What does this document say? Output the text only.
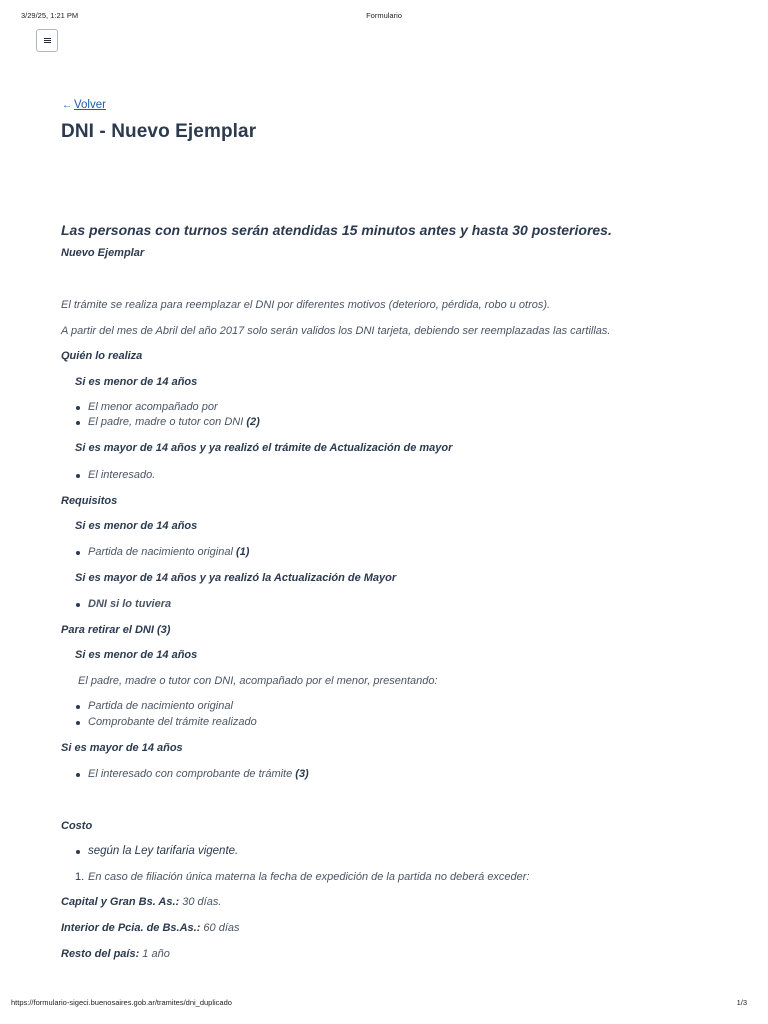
3/29/25, 1:21 PM	Formulario
← Volver
DNI - Nuevo Ejemplar
Las personas con turnos serán atendidas 15 minutos antes y hasta 30 posteriores.
Nuevo Ejemplar
El trámite se realiza para reemplazar el DNI por diferentes motivos (deterioro, pérdida, robo u otros).
A partir del mes de Abril del año 2017 solo serán validos los DNI tarjeta, debiendo ser reemplazadas las cartillas.
Quién lo realiza
Si es menor de 14 años
El menor acompañado por
El padre, madre o tutor con DNI (2)
Si es mayor de 14 años y ya realizó el trámite de Actualización de mayor
El interesado.
Requisitos
Si es menor de 14 años
Partida de nacimiento original (1)
Si es mayor de 14 años y ya realizó la Actualización de Mayor
DNI si lo tuviera
Para retirar el DNI (3)
Si es menor de 14 años
El padre, madre o tutor con DNI, acompañado por el menor, presentando:
Partida de nacimiento original
Comprobante del trámite realizado
Si es mayor de 14 años
El interesado con comprobante de trámite (3)
Costo
según la Ley tarifaria vigente.
1. En caso de filiación única materna la fecha de expedición de la partida no deberá exceder:
Capital y Gran Bs. As.: 30 días.
Interior de Pcia. de Bs.As.: 60 días
Resto del país: 1 año
https://formulario-sigeci.buenosaires.gob.ar/tramites/dni_duplicado	1/3
